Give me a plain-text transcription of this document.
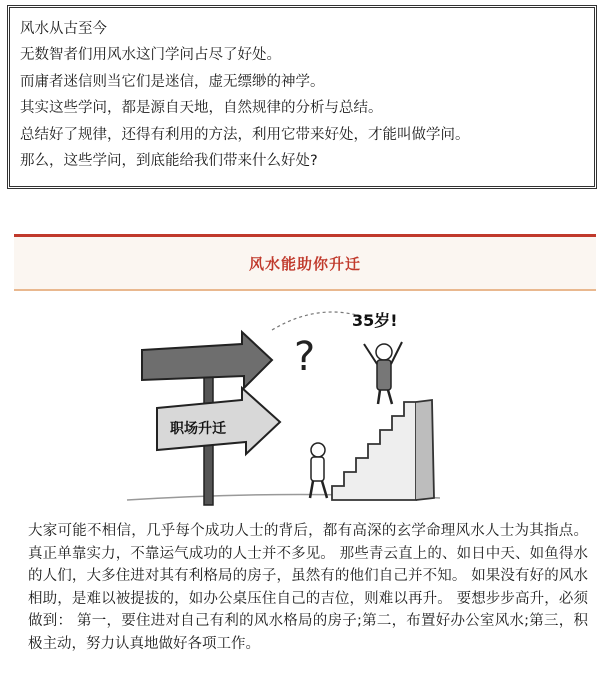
风水从古至今
无数智者们用风水这门学问占尽了好处。
而庸者迷信则当它们是迷信，虚无缥缈的神学。
其实这些学问，都是源自天地，自然规律的分析与总结。
总结好了规律，还得有利用的方法，利用它带来好处，才能叫做学问。
那么，这些学问，到底能给我们带来什么好处?
风水能助你升迁
职场升迁
?
35岁!
大家可能不相信，几乎每个成功人士的背后，都有高深的玄学命理风水人士为其指点。 真正单靠实力，不靠运气成功的人士并不多见。 那些青云直上的、如日中天、如鱼得水的人们，大多住进对其有利格局的房子，虽然有的他们自己并不知。 如果没有好的风水相助，是难以被提拔的，如办公桌压住自己的吉位，则难以再升。 要想步步高升，必须做到： 第一，要住进对自己有利的风水格局的房子;第二，布置好办公室风水;第三，积极主动，努力认真地做好各项工作。
